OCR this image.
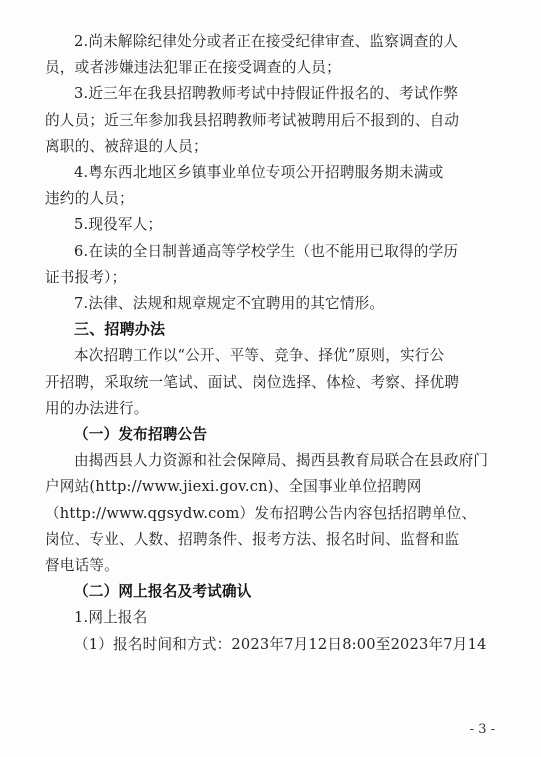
2.尚未解除纪律处分或者正在接受纪律审查、监察调查的人
员，或者涉嫌违法犯罪正在接受调查的人员；
3.近三年在我县招聘教师考试中持假证件报名的、考试作弊
的人员；近三年参加我县招聘教师考试被聘用后不报到的、自动
离职的、被辞退的人员；
4.粤东西北地区乡镇事业单位专项公开招聘服务期未满或
违约的人员；
5.现役军人；
6.在读的全日制普通高等学校学生（也不能用已取得的学历
证书报考）；
7.法律、法规和规章规定不宜聘用的其它情形。
三、招聘办法
本次招聘工作以“公开、平等、竞争、择优”原则，实行公
开招聘，采取统一笔试、面试、岗位选择、体检、考察、择优聘
用的办法进行。
（一）发布招聘公告
由揭西县人力资源和社会保障局、揭西县教育局联合在县政府门
户网站(http://www.jiexi.gov.cn)、全国事业单位招聘网
（http://www.qgsydw.com）发布招聘公告内容包括招聘单位、
岗位、专业、人数、招聘条件、报考方法、报名时间、监督和监
督电话等。
（二）网上报名及考试确认
1.网上报名
（1）报名时间和方式：2023年7月12日8:00至2023年7月14
- 3 -
